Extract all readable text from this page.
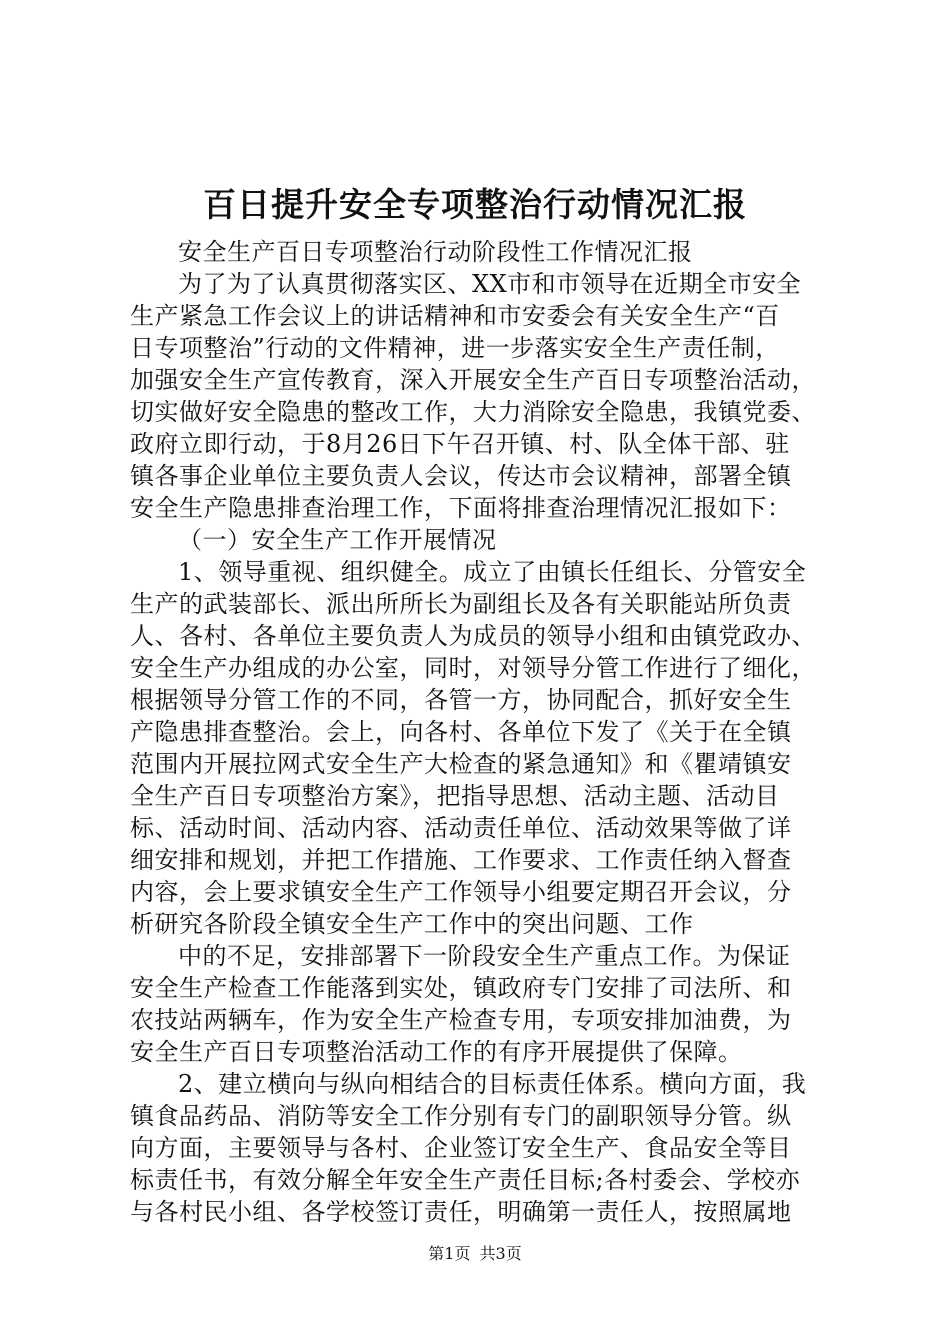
百日提升安全专项整治行动情况汇报
安全生产百日专项整治行动阶段性工作情况汇报
为了为了认真贯彻落实区、XX市和市领导在近期全市安全
生产紧急工作会议上的讲话精神和市安委会有关安全生产“百
日专项整治”行动的文件精神，进一步落实安全生产责任制，
加强安全生产宣传教育，深入开展安全生产百日专项整治活动，
切实做好安全隐患的整改工作，大力消除安全隐患，我镇党委、
政府立即行动，于8月26日下午召开镇、村、队全体干部、驻
镇各事企业单位主要负责人会议，传达市会议精神，部署全镇
安全生产隐患排查治理工作，下面将排查治理情况汇报如下：
（一）安全生产工作开展情况
1、领导重视、组织健全。成立了由镇长任组长、分管安全
生产的武装部长、派出所所长为副组长及各有关职能站所负责
人、各村、各单位主要负责人为成员的领导小组和由镇党政办、
安全生产办组成的办公室，同时，对领导分管工作进行了细化，
根据领导分管工作的不同，各管一方，协同配合，抓好安全生
产隐患排查整治。会上，向各村、各单位下发了《关于在全镇
范围内开展拉网式安全生产大检查的紧急通知》和《瞿靖镇安
全生产百日专项整治方案》，把指导思想、活动主题、活动目
标、活动时间、活动内容、活动责任单位、活动效果等做了详
细安排和规划，并把工作措施、工作要求、工作责任纳入督查
内容，会上要求镇安全生产工作领导小组要定期召开会议，分
析研究各阶段全镇安全生产工作中的突出问题、工作
中的不足，安排部署下一阶段安全生产重点工作。为保证
安全生产检查工作能落到实处，镇政府专门安排了司法所、和
农技站两辆车，作为安全生产检查专用，专项安排加油费，为
安全生产百日专项整治活动工作的有序开展提供了保障。
2、建立横向与纵向相结合的目标责任体系。横向方面，我
镇食品药品、消防等安全工作分别有专门的副职领导分管。纵
向方面，主要领导与各村、企业签订安全生产、食品安全等目
标责任书，有效分解全年安全生产责任目标;各村委会、学校亦
与各村民小组、各学校签订责任，明确第一责任人，按照属地
第1页 共3页
